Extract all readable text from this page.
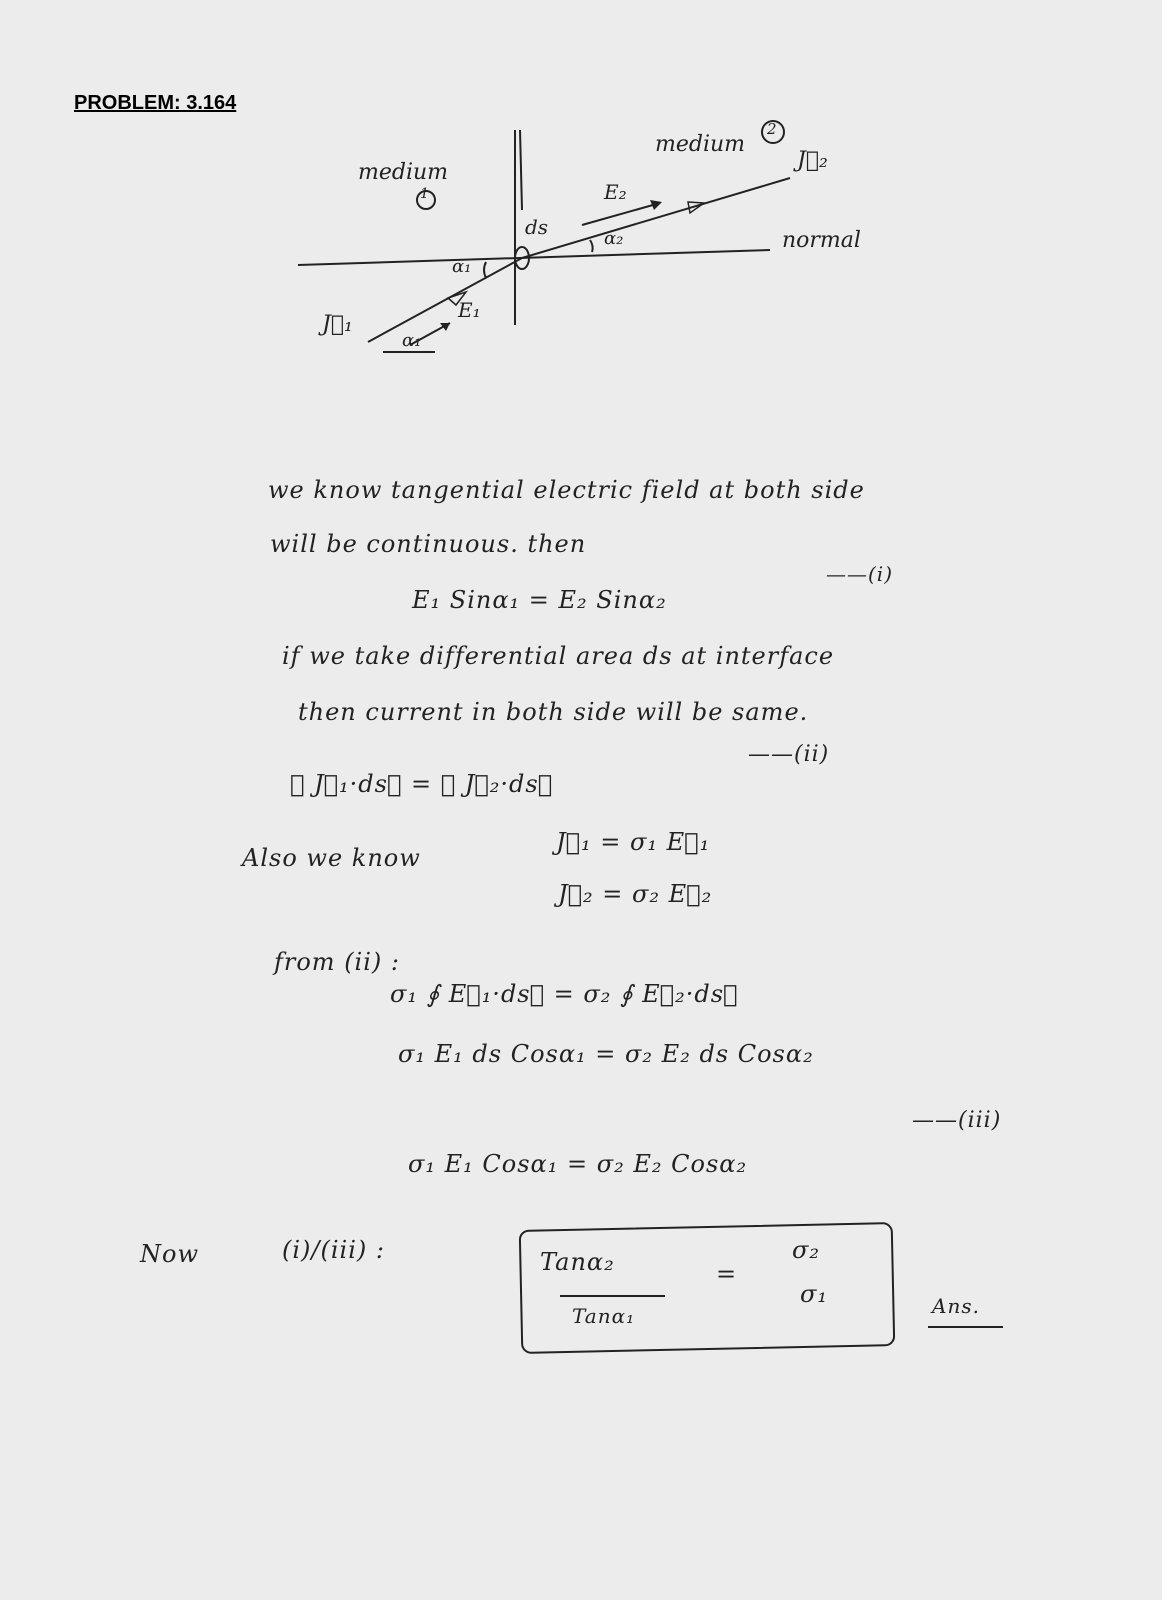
PROBLEM: 3.164
medium
1
medium
2
ds
normal
J⃗₁
J⃗₂
E₁
E₂
α₁
α₂
α₁
we know tangential electric field at both side
will be continuous. then
E₁ Sinα₁ = E₂ Sinα₂
——(i)
if we take differential area ds at interface
then current in both side will be same.
∮ J⃗₁·ds⃗ = ∮ J⃗₂·ds⃗
——(ii)
Also we know
J⃗₁ = σ₁ E⃗₁
J⃗₂ = σ₂ E⃗₂
from (ii) :
σ₁ ∮ E⃗₁·ds⃗ = σ₂ ∮ E⃗₂·ds⃗
σ₁ E₁ ds Cosα₁ = σ₂ E₂ ds Cosα₂
σ₁ E₁ Cosα₁ = σ₂ E₂ Cosα₂
——(iii)
Now	(i)/(iii) :	Tanα₂
Tanα₁
=
σ₂
σ₁	Ans.
